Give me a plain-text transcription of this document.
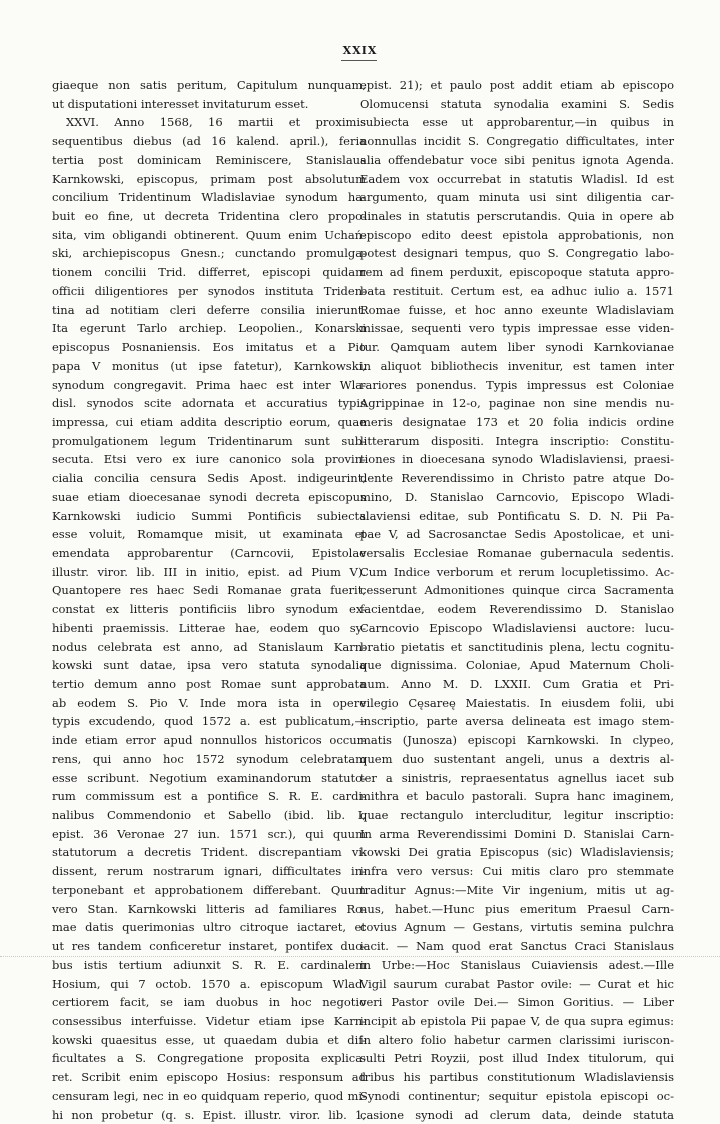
XXIX
giaeque non satis peritum, Capitulum nunquam,
ut disputationi interesset invitaturum esset.
XXVI. Anno 1568, 16 martii et proximis
sequentibus diebus (ad 16 kalend. april.), feria
tertia post dominicam Reminiscere, Stanislaus
Karnkowski, episcopus, primam post absolutum
concilium Tridentinum Wladislaviae synodum ha-
buit eo fine, ut decreta Tridentina clero propo-
sita, vim obligandi obtinerent. Quum enim Uchań-
ski, archiepiscopus Gnesn.; cunctando promulga-
tionem concilii Trid. differret, episcopi quidam
officii diligentiores per synodos instituta Triden-
tina ad notitiam cleri deferre consilia inierunt.
Ita egerunt Tarlo archiep. Leopolien., Konarski
episcopus Posnaniensis. Eos imitatus et a Pio
papa V monitus (ut ipse fatetur), Karnkowski,
synodum congregavit. Prima haec est inter Wla-
disl. synodos scite adornata et accuratius typis
impressa, cui etiam addita descriptio eorum, quae
promulgationem legum Tridentinarum sunt sub-
secuta. Etsi vero ex iure canonico sola provin-
cialia concilia censura Sedis Apost. indigeurint,
suae etiam dioecesanae synodi decreta episcopus
Karnkowski iudicio Summi Pontificis subiecta
esse voluit, Romamque misit, ut examinata et
emendata approbarentur (Carncovii, Epistolae
illustr. viror. lib. III in initio, epist. ad Pium V).
Quantopere res haec Sedi Romanae grata fuerit,
constat ex litteris pontificiis libro synodum ex-
hibenti praemissis. Litterae hae, eodem quo sy-
nodus celebrata est anno, ad Stanislaum Karn-
kowski sunt datae, ipsa vero statuta synodalia
tertio demum anno post Romae sunt approbata
ab eodem S. Pio V. Inde mora ista in opere
typis excudendo, quod 1572 a. est publicatum,—
inde etiam error apud nonnullos historicos occur-
rens, qui anno hoc 1572 synodum celebratam
esse scribunt. Negotium examinandorum statuto-
rum commissum est a pontifice S. R. E. cardi-
nalibus Commendonio et Sabello (ibid. lib. I,
epist. 36 Veronae 27 iun. 1571 scr.), qui quum
statutorum a decretis Trident. discrepantiam vi-
dissent, rerum nostrarum ignari, difficultates in-
terponebant et approbationem differebant. Quum
vero Stan. Karnkowski litteris ad familiares Ro-
mae datis querimonias ultro citroque iactaret, et
ut res tandem conficeretur instaret, pontifex duo-
bus istis tertium adiunxit S. R. E. cardinalem
Hosium, qui 7 octob. 1570 a. episcopum Wlad.
certiorem facit, se iam duobus in hoc negotio
consessibus interfuisse. Videtur etiam ipse Karn-
kowski quaesitus esse, ut quaedam dubia et dif-
ficultates a S. Congregatione proposita explica-
ret. Scribit enim episcopo Hosius: responsum ad
censuram legi, nec in eo quidquam reperio, quod mi-
hi non probetur (q. s. Epist. illustr. viror. lib. 1,
epist. 21); et paulo post addit etiam ab episcopo
Olomucensi statuta synodalia examini S. Sedis
subiecta esse ut approbarentur,—in quibus in
nonnullas incidit S. Congregatio difficultates, inter
alia offendebatur voce sibi penitus ignota Agenda.
Eadem vox occurrebat in statutis Wladisl. Id est
argumento, quam minuta usi sint diligentia car-
dinales in statutis perscrutandis. Quia in opere ab
episcopo edito deest epistola approbationis, non
potest designari tempus, quo S. Congregatio labo-
rem ad finem perduxit, episcopoque statuta appro-
bata restituit. Certum est, ea adhuc iulio a. 1571
Romae fuisse, et hoc anno exeunte Wladislaviam
missae, sequenti vero typis impressae esse viden-
tur. Qamquam autem liber synodi Karnkovianae
in aliquot bibliothecis invenitur, est tamen inter
rariores ponendus. Typis impressus est Coloniae
Agrippinae in 12-o, paginae non sine mendis nu-
meris designatae 173 et 20 folia indicis ordine
litterarum dispositi. Integra inscriptio: Constitu-
tiones in dioecesana synodo Wladislaviensi, praesi-
dente Reverendissimo in Christo patre atque Do-
mino, D. Stanislao Carncovio, Episcopo Wladi-
slaviensi editae, sub Pontificatu S. D. N. Pii Pa-
pae V, ad Sacrosanctae Sedis Apostolicae, et uni-
versalis Ecclesiae Romanae gubernacula sedentis.
Cum Indice verborum et rerum locupletissimo. Ac-
cesserunt Admonitiones quinque circa Sacramenta
facientdae, eodem Reverendissimo D. Stanislao
Carncovio Episcopo Wladislaviensi auctore: lucu-
bratio pietatis et sanctitudinis plena, lectu cognitu-
que dignissima. Coloniae, Apud Maternum Choli-
num. Anno M. D. LXXII. Cum Gratia et Pri-
vilegio Cęsareę Maiestatis. In eiusdem folii, ubi
inscriptio, parte aversa delineata est imago stem-
matis (Junosza) episcopi Karnkowski. In clypeo,
quem duo sustentant angeli, unus a dextris al-
ter a sinistris, repraesentatus agnellus iacet sub
mithra et baculo pastorali. Supra hanc imaginem,
quae rectangulo intercluditur, legitur inscriptio:
In arma Reverendissimi Domini D. Stanislai Carn-
kowski Dei gratia Episcopus (sic) Wladislaviensis;
infra vero versus: Cui mitis claro pro stemmate
traditur Agnus:—Mite Vir ingenium, mitis ut ag-
nus, habet.—Hunc pius emeritum Praesul Carn-
covius Agnum — Gestans, virtutis semina pulchra
iacit. — Nam quod erat Sanctus Craci Stanislaus
in Urbe:—Hoc Stanislaus Cuiaviensis adest.—Ille
Vigil saurum curabat Pastor ovile: — Curat et hic
veri Pastor ovile Dei.— Simon Goritius. — Liber
incipit ab epistola Pii papae V, de qua supra egimus:
in altero folio habetur carmen clarissimi iuriscon-
sulti Petri Royzii, post illud Index titulorum, qui
tribus his partibus constitutionum Wladislaviensis
Synodi continentur; sequitur epistola episcopi oc-
casione synodi ad clerum data, deinde statuta
